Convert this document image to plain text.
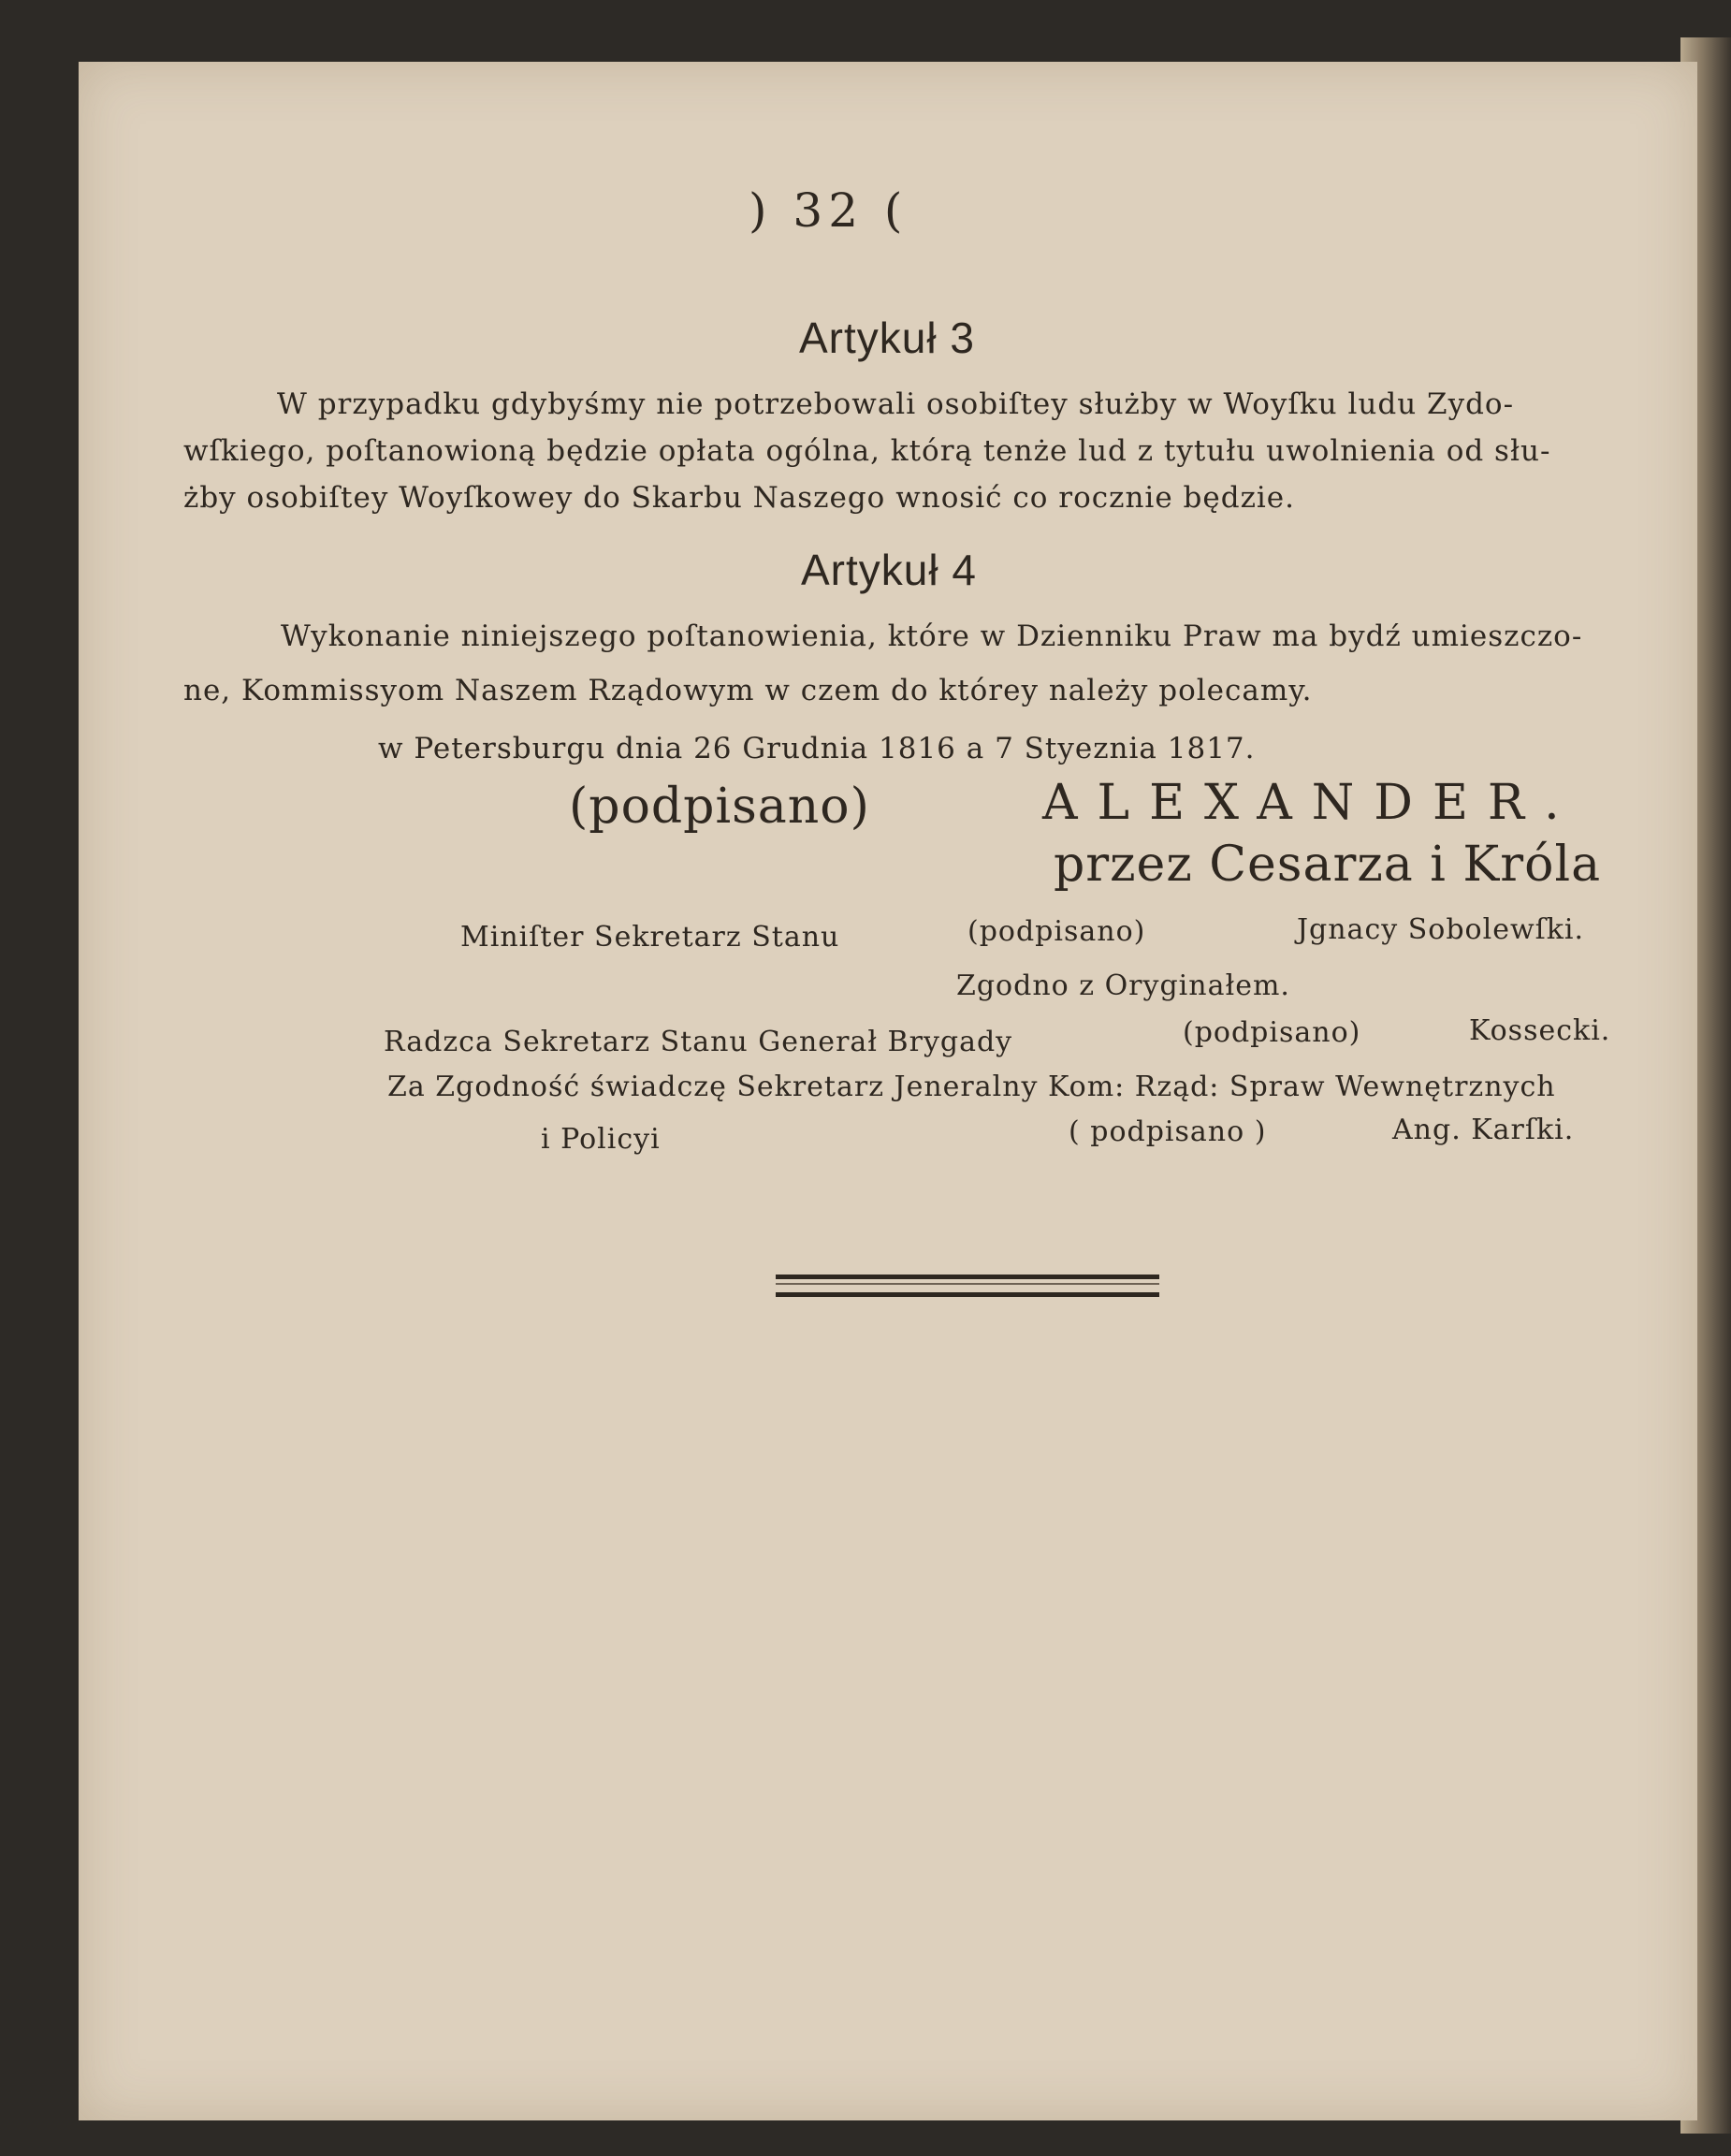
) 32 (
Artykuł 3
W przypadku gdybyśmy nie potrzebowali osobiſtey służby w Woyſku ludu Zydo-
wſkiego, poſtanowioną będzie opłata ogólna, którą tenże lud z tytułu uwolnienia od słu-
żby osobiſtey Woyſkowey do Skarbu Naszego wnosić co rocznie będzie.
Artykuł 4
Wykonanie niniejszego poſtanowienia, które w Dzienniku Praw ma bydź umieszczo-
ne, Kommissyom Naszem Rządowym w czem do którey należy polecamy.
w Petersburgu dnia 26 Grudnia 1816 a 7 Styeznia 1817.
(podpisano)	ALEXANDER.
przez Cesarza i Króla
Miniſter Sekretarz Stanu	(podpisano)	Jgnacy Sobolewſki.
Zgodno z Oryginałem.
Radzca Sekretarz Stanu Generał Brygady	(podpisano)	Kossecki.
Za Zgodność świadczę Sekretarz Jeneralny Kom: Rząd: Spraw Wewnętrznych
i Policyi	( podpisano )	Ang. Karſki.
